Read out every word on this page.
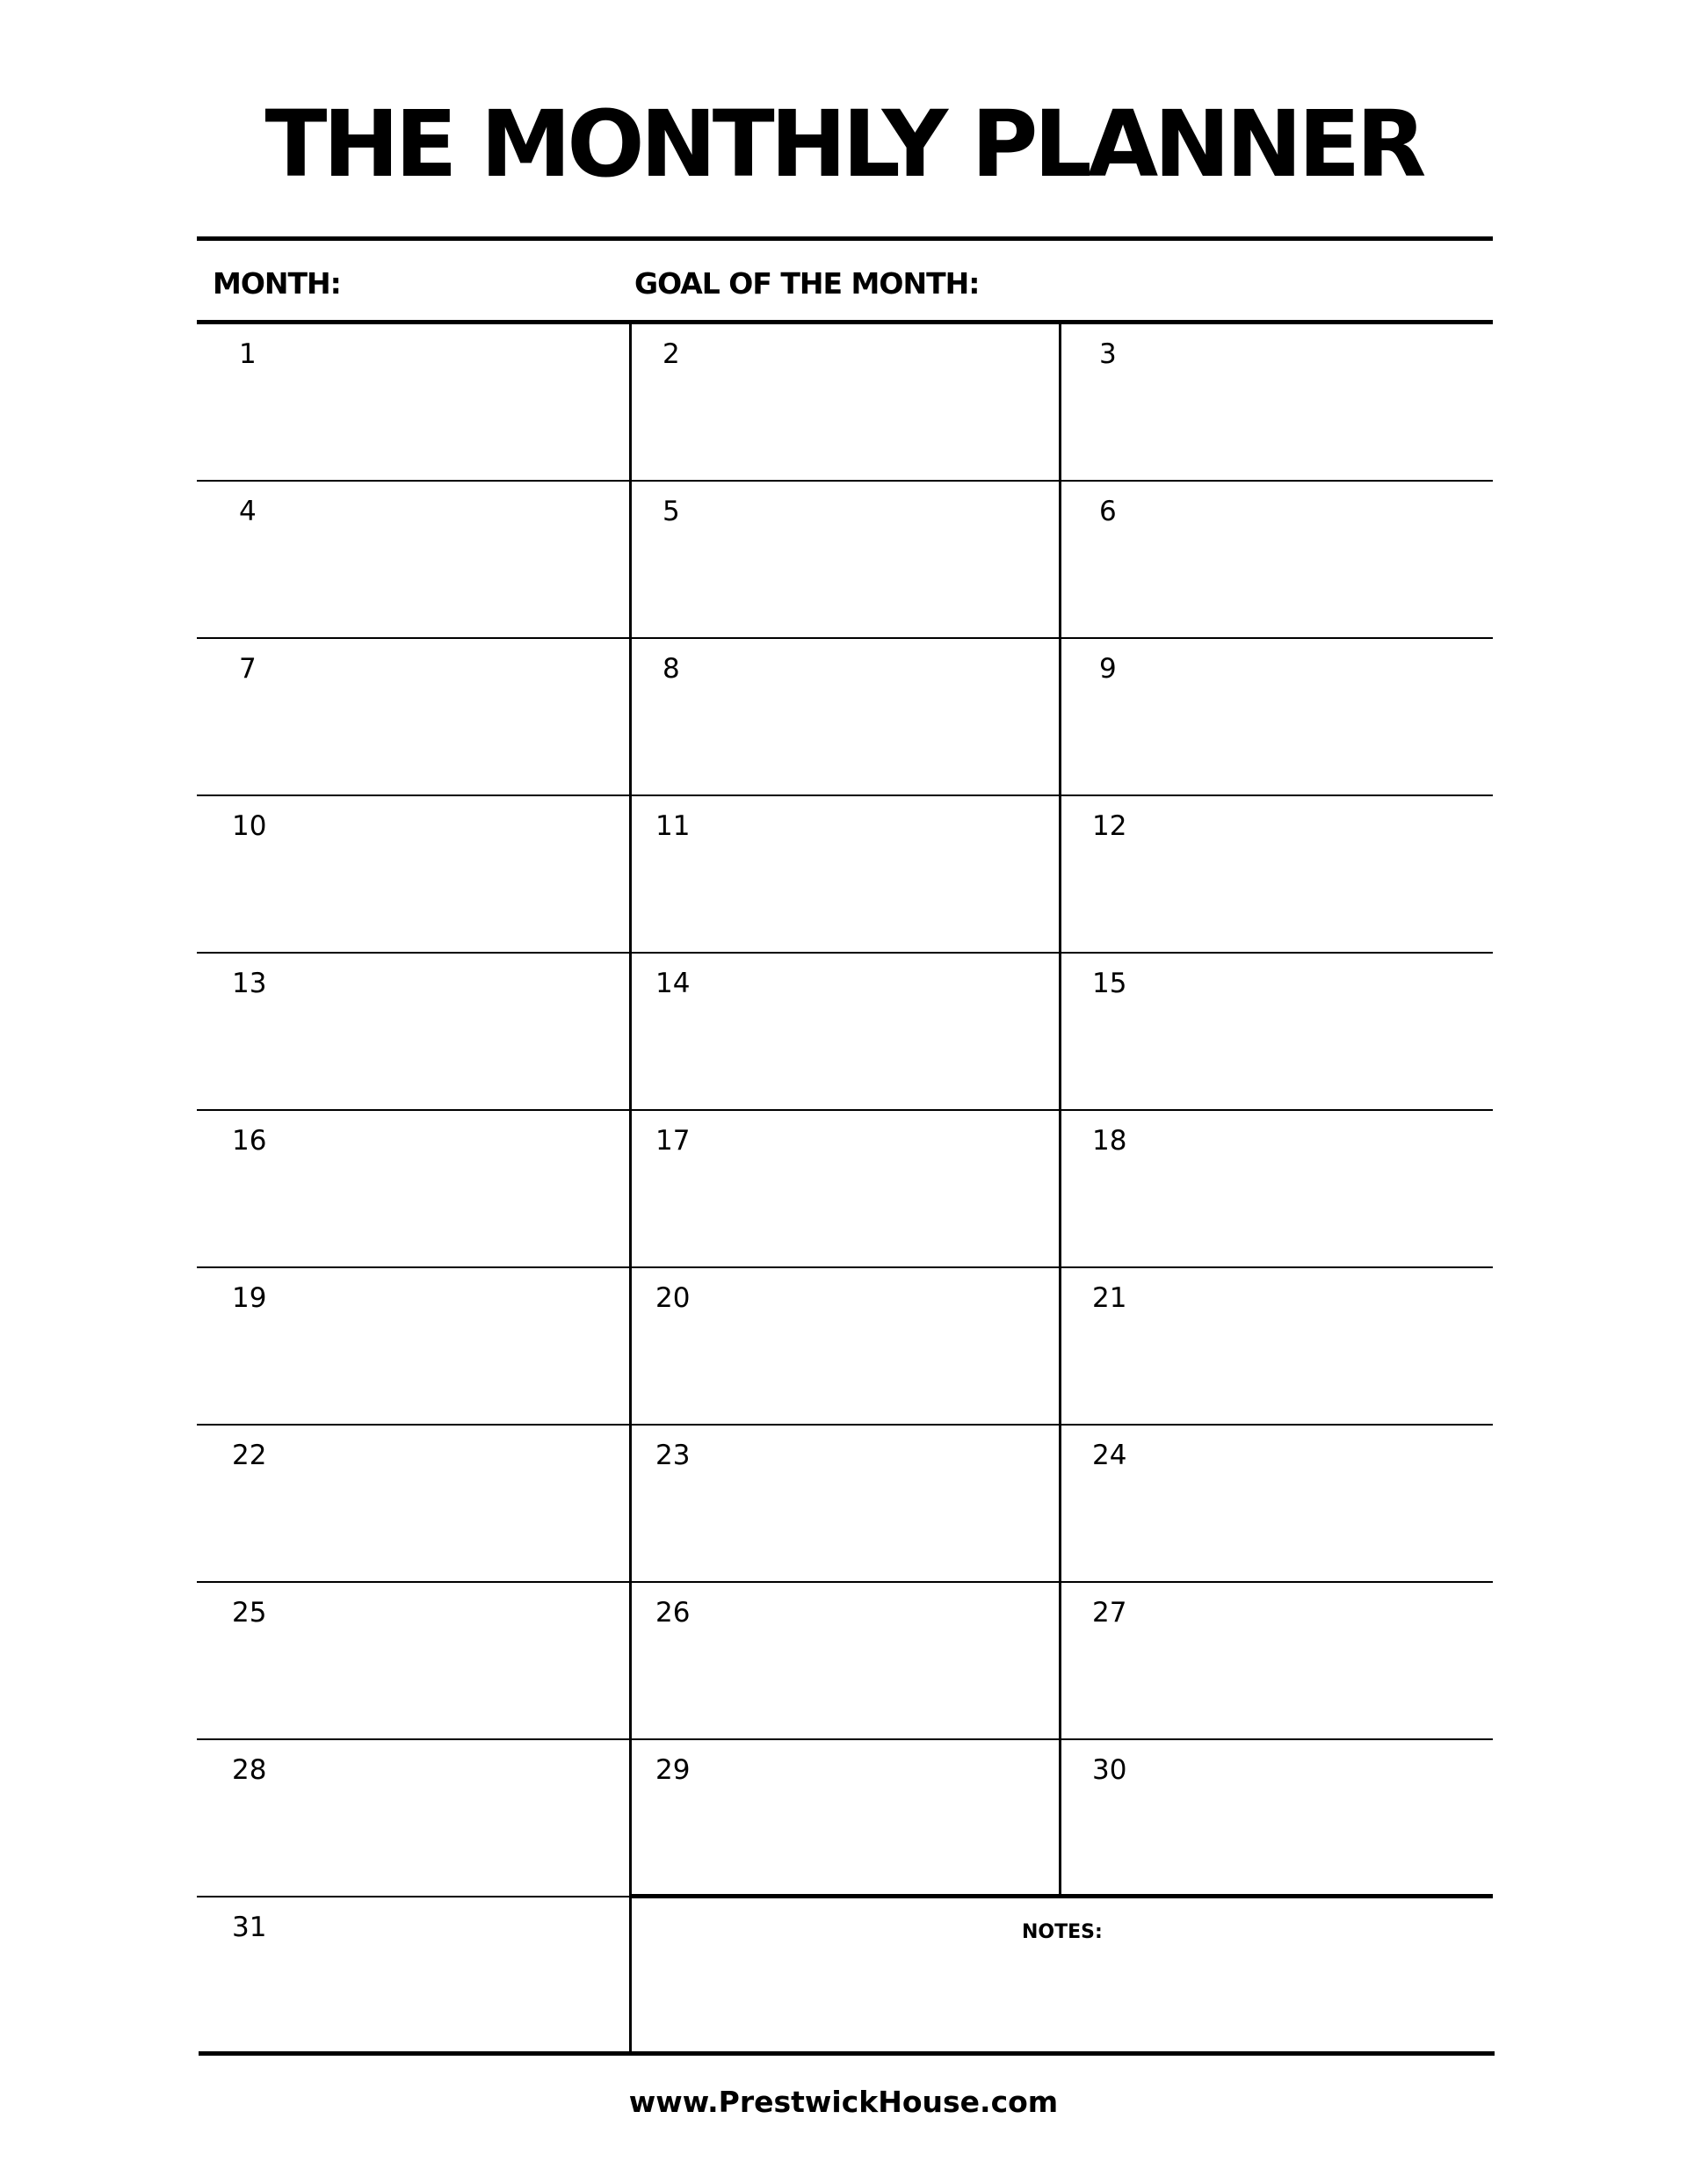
THE MONTHLY PLANNER
MONTH:	GOAL OF THE MONTH:
1	2	3
4	5	6
7	8	9
10	11	12
13	14	15
16	17	18
19	20	21
22	23	24
25	26	27
28	29	30
31	NOTES:
www.PrestwickHouse.com
